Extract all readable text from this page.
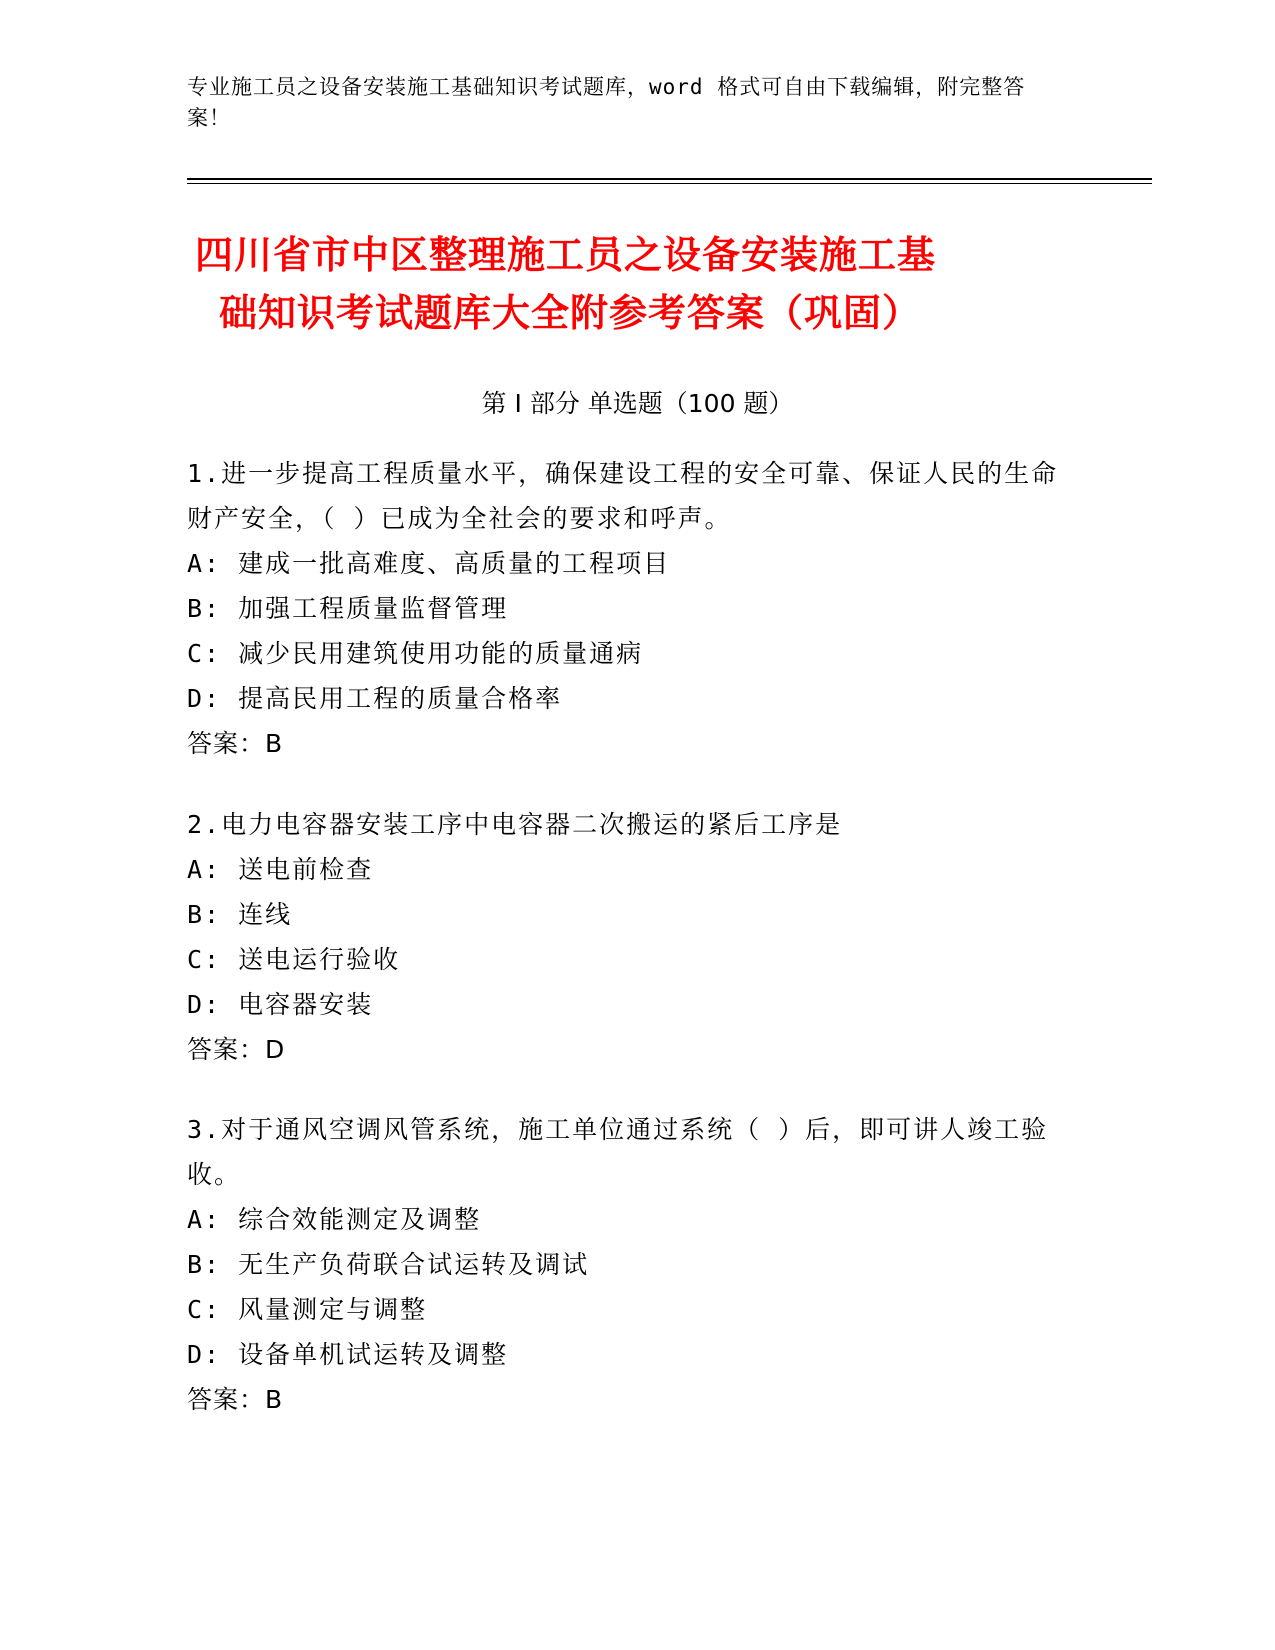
专业施工员之设备安装施工基础知识考试题库，word 格式可自由下载编辑，附完整答案！
四川省市中区整理施工员之设备安装施工基
础知识考试题库大全附参考答案（巩固）
第 I 部分 单选题（100 题）
1.进一步提高工程质量水平，确保建设工程的安全可靠、保证人民的生命财产安全，（ ）已成为全社会的要求和呼声。
A: 建成一批高难度、高质量的工程项目
B: 加强工程质量监督管理
C: 减少民用建筑使用功能的质量通病
D: 提高民用工程的质量合格率
答案：B
2.电力电容器安装工序中电容器二次搬运的紧后工序是
A: 送电前检查
B: 连线
C: 送电运行验收
D: 电容器安装
答案：D
3.对于通风空调风管系统，施工单位通过系统（ ）后，即可讲人竣工验收。
A: 综合效能测定及调整
B: 无生产负荷联合试运转及调试
C: 风量测定与调整
D: 设备单机试运转及调整
答案：B
